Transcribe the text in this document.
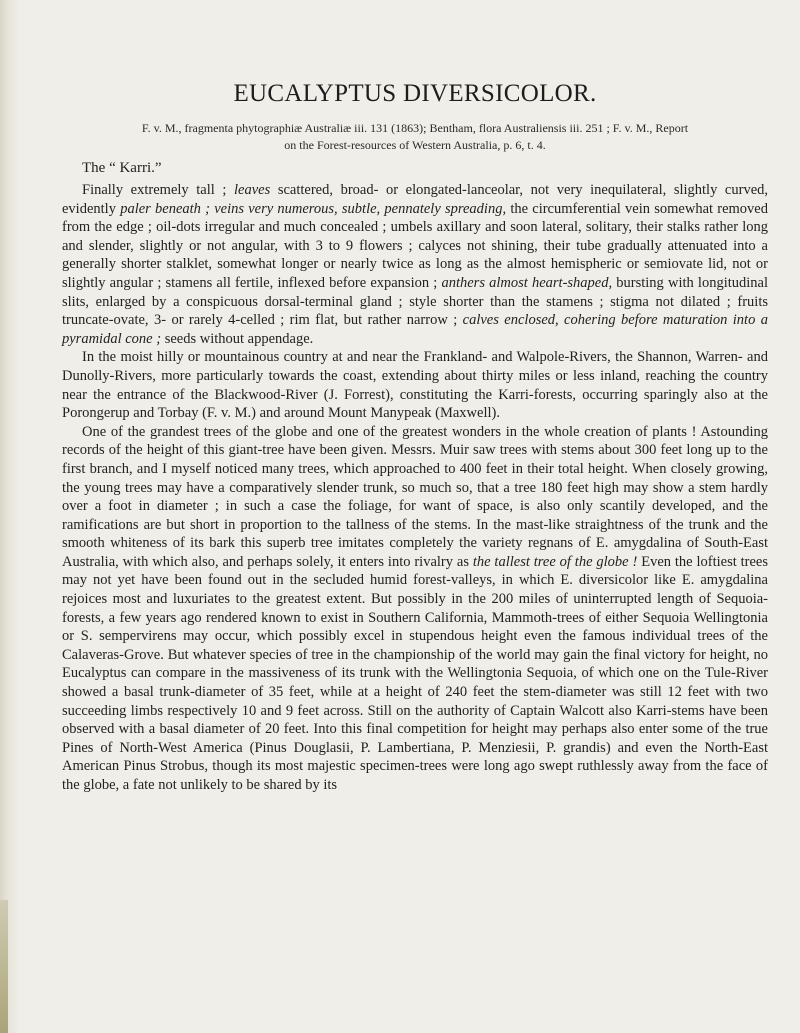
EUCALYPTUS DIVERSICOLOR.

F. v. M., fragmenta phytographiæ Australiæ iii. 131 (1863); Bentham, flora Australiensis iii. 251 ; F. v. M., Report

on the Forest-resources of Western Australia, p. 6, t. 4.

The “ Karri.”

Finally extremely tall ; leaves scattered, broad- or elongated-lanceolar, not very inequilateral, slightly curved, evidently paler beneath ; veins very numerous, subtle, pennately spreading, the circumferential vein somewhat removed from the edge ; oil-dots irregular and much concealed ; umbels axillary and soon lateral, solitary, their stalks rather long and slender, slightly or not angular, with 3 to 9 flowers ; calyces not shining, their tube gradually attenuated into a generally shorter stalklet, somewhat longer or nearly twice as long as the almost hemispheric or semiovate lid, not or slightly angular ; stamens all fertile, inflexed before expansion ; anthers almost heart-shaped, bursting with longitudinal slits, enlarged by a conspicuous dorsal-terminal gland ; style shorter than the stamens ; stigma not dilated ; fruits truncate-ovate, 3- or rarely 4-celled ; rim flat, but rather narrow ; calves enclosed, cohering before maturation into a pyramidal cone ; seeds without appendage.

In the moist hilly or mountainous country at and near the Frankland- and Walpole-Rivers, the Shannon, Warren- and Dunolly-Rivers, more particularly towards the coast, extending about thirty miles or less inland, reaching the country near the entrance of the Blackwood-River (J. Forrest), constituting the Karri-forests, occurring sparingly also at the Porongerup and Torbay (F. v. M.) and around Mount Manypeak (Maxwell).

One of the grandest trees of the globe and one of the greatest wonders in the whole creation of plants ! Astounding records of the height of this giant-tree have been given. Messrs. Muir saw trees with stems about 300 feet long up to the first branch, and I myself noticed many trees, which approached to 400 feet in their total height. When closely growing, the young trees may have a comparatively slender trunk, so much so, that a tree 180 feet high may show a stem hardly over a foot in diameter ; in such a case the foliage, for want of space, is also only scantily developed, and the ramifications are but short in proportion to the tallness of the stems. In the mast-like straightness of the trunk and the smooth whiteness of its bark this superb tree imitates completely the variety regnans of E. amygdalina of South-East Australia, with which also, and perhaps solely, it enters into rivalry as the tallest tree of the globe ! Even the loftiest trees may not yet have been found out in the secluded humid forest-valleys, in which E. diversicolor like E. amygdalina rejoices most and luxuriates to the greatest extent. But possibly in the 200 miles of uninterrupted length of Sequoia-forests, a few years ago rendered known to exist in Southern California, Mammoth-trees of either Sequoia Wellingtonia or S. sempervirens may occur, which possibly excel in stupendous height even the famous individual trees of the Calaveras-Grove. But whatever species of tree in the championship of the world may gain the final victory for height, no Eucalyptus can compare in the massiveness of its trunk with the Wellingtonia Sequoia, of which one on the Tule-River showed a basal trunk-diameter of 35 feet, while at a height of 240 feet the stem-diameter was still 12 feet with two succeeding limbs respectively 10 and 9 feet across. Still on the authority of Captain Walcott also Karri-stems have been observed with a basal diameter of 20 feet. Into this final competition for height may perhaps also enter some of the true Pines of North-West America (Pinus Douglasii, P. Lambertiana, P. Menziesii, P. grandis) and even the North-East American Pinus Strobus, though its most majestic specimen-trees were long ago swept ruthlessly away from the face of the globe, a fate not unlikely to be shared by its
